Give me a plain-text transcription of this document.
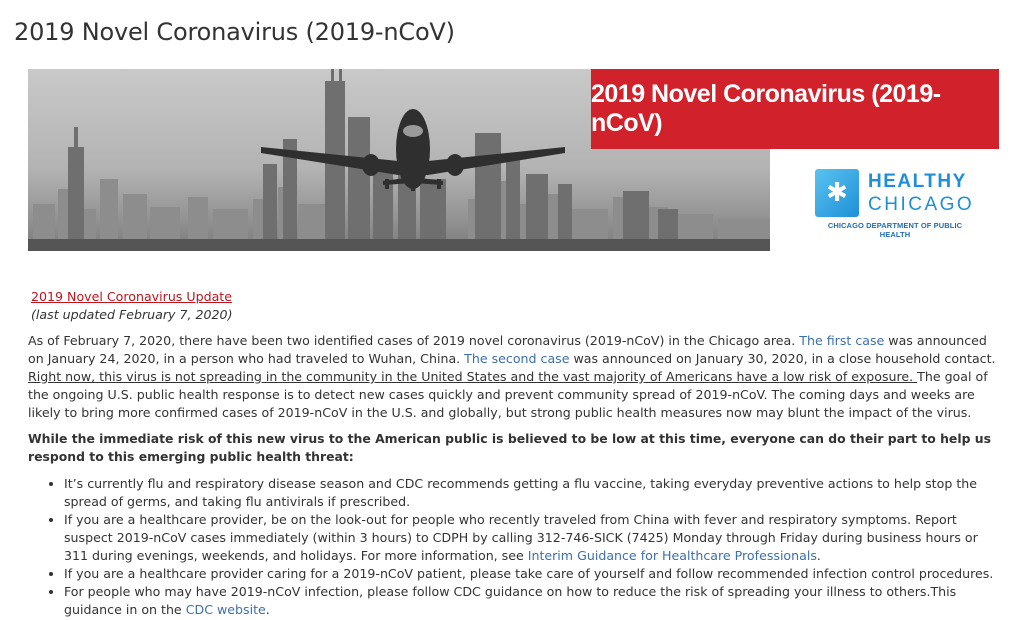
2019 Novel Coronavirus (2019-nCoV)
2019 Novel Coronavirus (2019-nCoV)
✱	HEALTHY
CHICAGO
CHICAGO DEPARTMENT OF PUBLIC HEALTH
2019 Novel Coronavirus Update
(last updated February 7, 2020)

As of February 7, 2020, there have been two identified cases of 2019 novel coronavirus (2019-nCoV) in the Chicago area. The first case was announced on January 24, 2020, in a person who had traveled to Wuhan, China. The second case was announced on January 30, 2020, in a close household contact. Right now, this virus is not spreading in the community in the United States and the vast majority of Americans have a low risk of exposure. The goal of the ongoing U.S. public health response is to detect new cases quickly and prevent community spread of 2019-nCoV. The coming days and weeks are likely to bring more confirmed cases of 2019-nCoV in the U.S. and globally, but strong public health measures now may blunt the impact of the virus.

While the immediate risk of this new virus to the American public is believed to be low at this time, everyone can do their part to help us respond to this emerging public health threat:

• It’s currently flu and respiratory disease season and CDC recommends getting a flu vaccine, taking everyday preventive actions to help stop the spread of germs, and taking flu antivirals if prescribed.
• If you are a healthcare provider, be on the look-out for people who recently traveled from China with fever and respiratory symptoms. Report suspect 2019-nCoV cases immediately (within 3 hours) to CDPH by calling 312-746-SICK (7425) Monday through Friday during business hours or 311 during evenings, weekends, and holidays. For more information, see Interim Guidance for Healthcare Professionals.
• If you are a healthcare provider caring for a 2019-nCoV patient, please take care of yourself and follow recommended infection control procedures.
• For people who may have 2019-nCoV infection, please follow CDC guidance on how to reduce the risk of spreading your illness to others.This guidance in on the CDC website.
